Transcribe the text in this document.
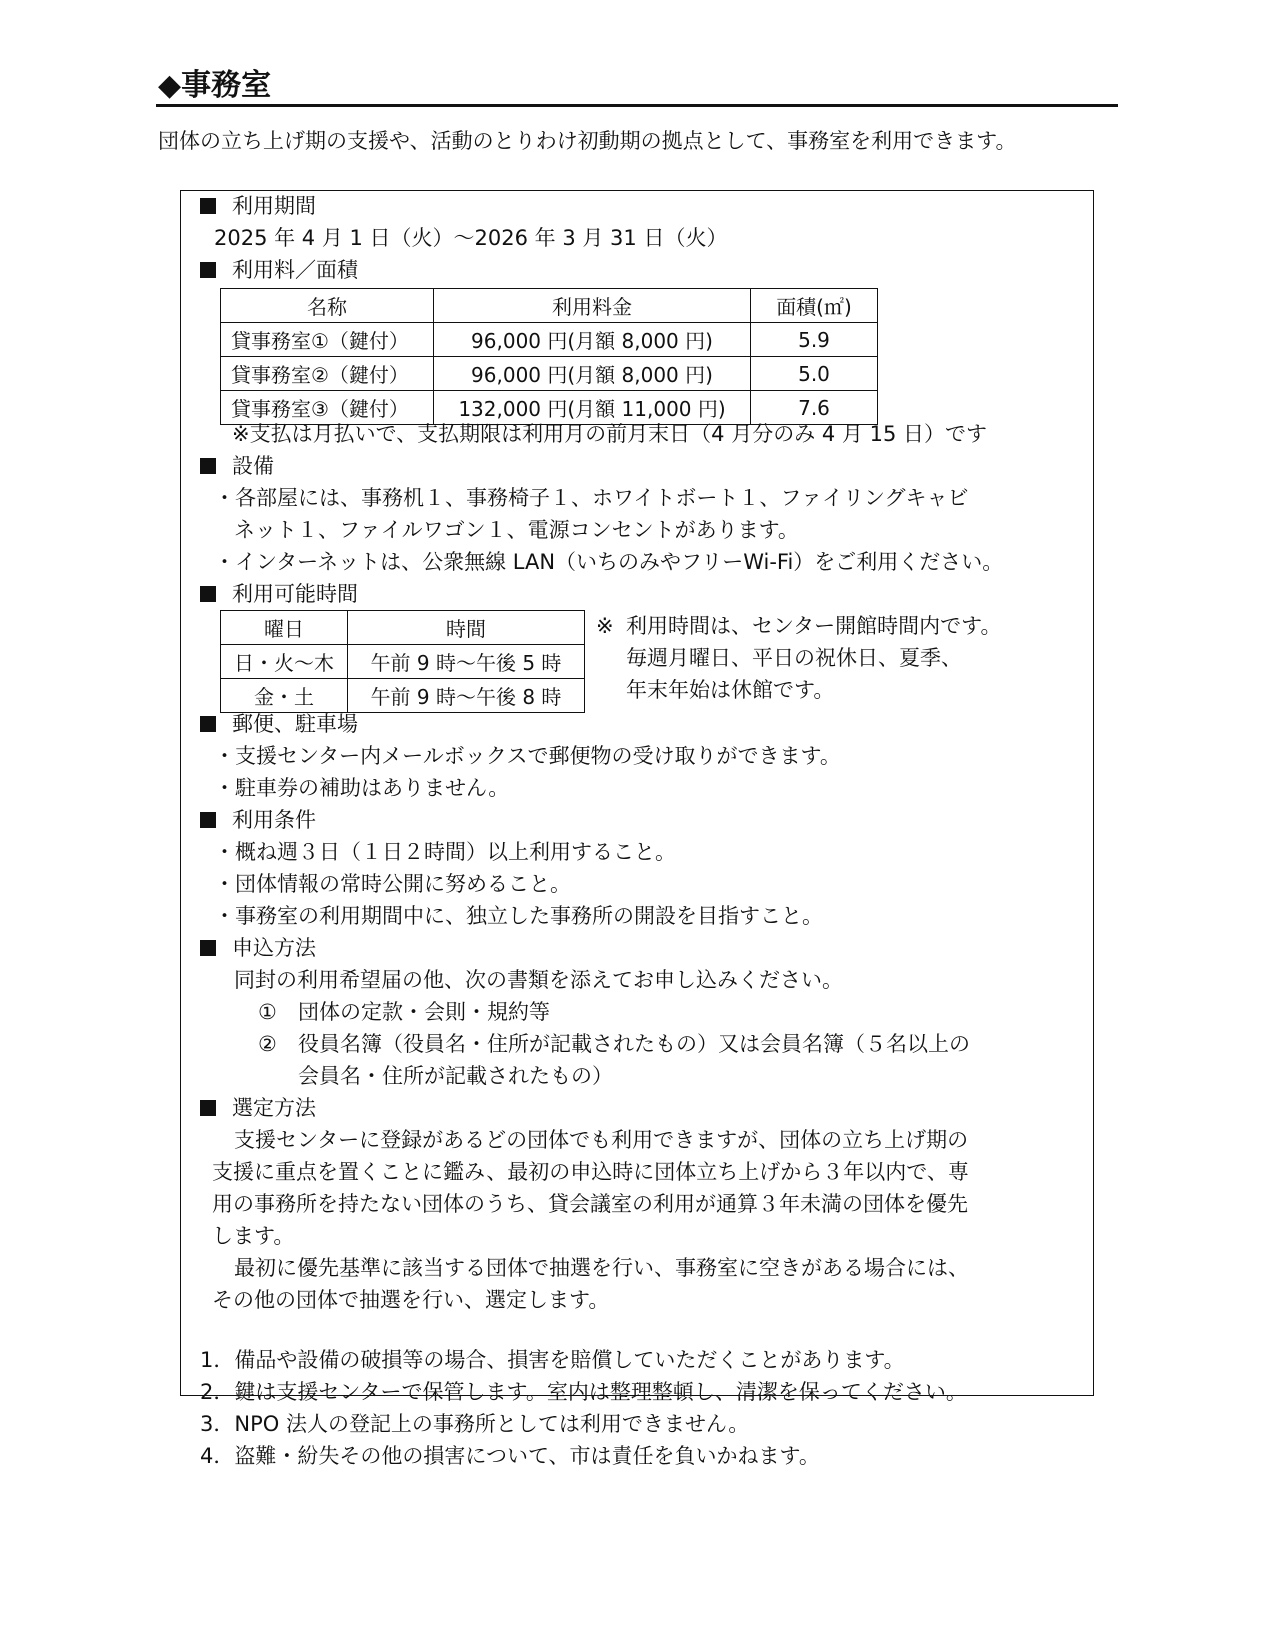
◆事務室
団体の立ち上げ期の支援や、活動のとりわけ初動期の拠点として、事務室を利用できます。
利用期間
2025 年 4 月 1 日（火）～2026 年 3 月 31 日（火）
利用料／面積
名称	利用料金	面積(㎡)
貸事務室①（鍵付）	96,000 円(月額 8,000 円)	5.9
貸事務室②（鍵付）	96,000 円(月額 8,000 円)	5.0
貸事務室③（鍵付）	132,000 円(月額 11,000 円)	7.6
※支払は月払いで、支払期限は利用月の前月末日（4 月分のみ 4 月 15 日）です
設備
・各部屋には、事務机１、事務椅子１、ホワイトボート１、ファイリングキャビ
ネット１、ファイルワゴン１、電源コンセントがあります。
・インターネットは、公衆無線 LAN（いちのみやフリーWi-Fi）をご利用ください。
利用可能時間
曜日	時間
日・火～木	午前 9 時～午後 5 時
金・土	午前 9 時～午後 8 時
※ 利用時間は、センター開館時間内です。
毎週月曜日、平日の祝休日、夏季、
年末年始は休館です。
郵便、駐車場
・支援センター内メールボックスで郵便物の受け取りができます。
・駐車券の補助はありません。
利用条件
・概ね週３日（１日２時間）以上利用すること。
・団体情報の常時公開に努めること。
・事務室の利用期間中に、独立した事務所の開設を目指すこと。
申込方法
同封の利用希望届の他、次の書類を添えてお申し込みください。
① 団体の定款・会則・規約等
② 役員名簿（役員名・住所が記載されたもの）又は会員名簿（５名以上の
会員名・住所が記載されたもの）
選定方法
支援センターに登録があるどの団体でも利用できますが、団体の立ち上げ期の
支援に重点を置くことに鑑み、最初の申込時に団体立ち上げから３年以内で、専
用の事務所を持たない団体のうち、貸会議室の利用が通算３年未満の団体を優先
します。
最初に優先基準に該当する団体で抽選を行い、事務室に空きがある場合には、
その他の団体で抽選を行い、選定します。
1．備品や設備の破損等の場合、損害を賠償していただくことがあります。
2．鍵は支援センターで保管します。室内は整理整頓し、清潔を保ってください。
3．NPO 法人の登記上の事務所としては利用できません。
4．盗難・紛失その他の損害について、市は責任を負いかねます。
